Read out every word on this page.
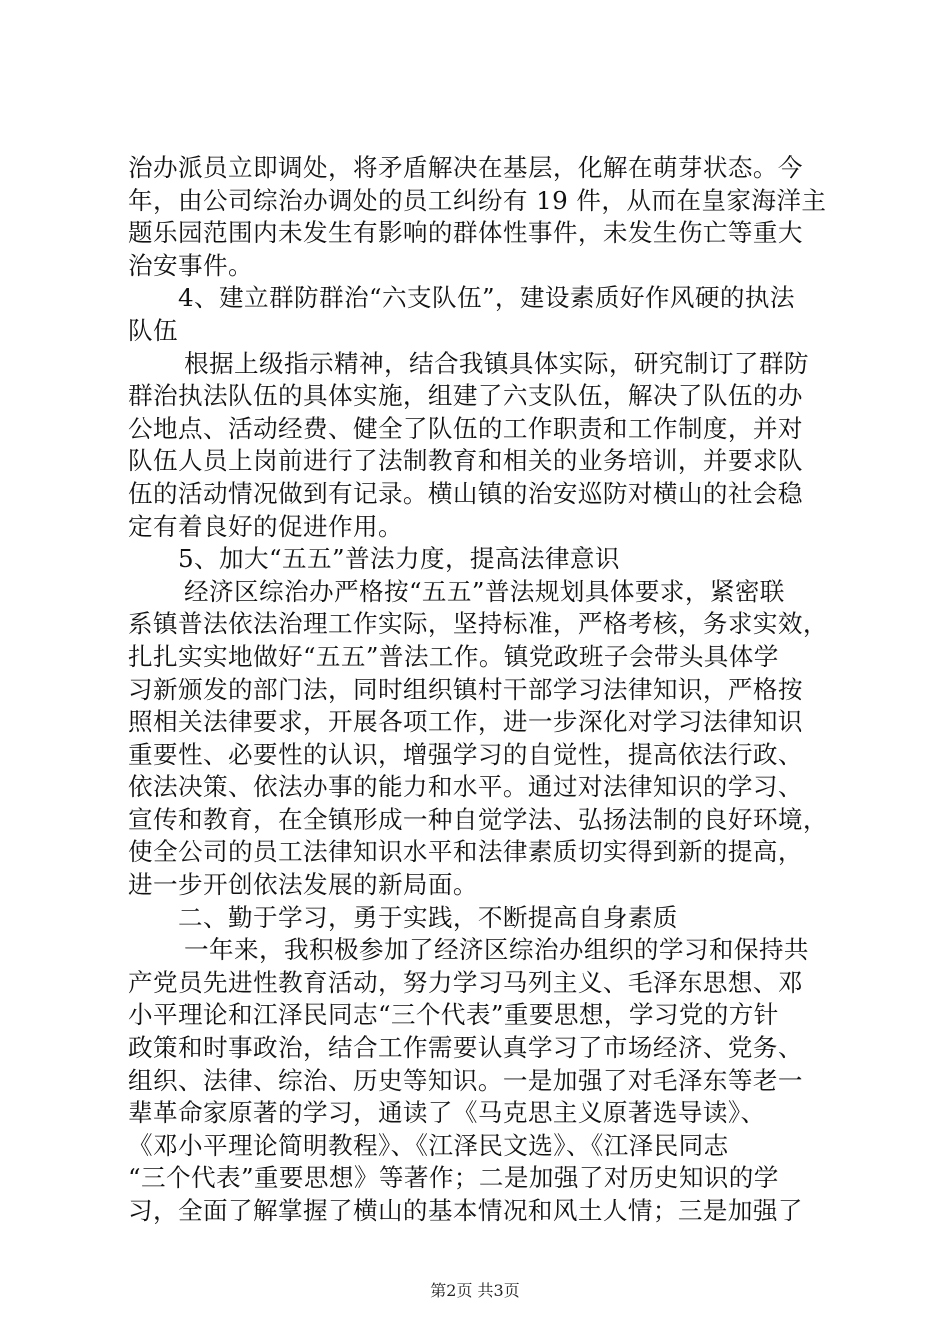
治办派员立即调处，将矛盾解决在基层，化解在萌芽状态。今
年，由公司综治办调处的员工纠纷有 19 件，从而在皇家海洋主
题乐园范围内未发生有影响的群体性事件，未发生伤亡等重大
治安事件。
4、建立群防群治“六支队伍”，建设素质好作风硬的执法
队伍
根据上级指示精神，结合我镇具体实际，研究制订了群防
群治执法队伍的具体实施，组建了六支队伍，解决了队伍的办
公地点、活动经费、健全了队伍的工作职责和工作制度，并对
队伍人员上岗前进行了法制教育和相关的业务培训，并要求队
伍的活动情况做到有记录。横山镇的治安巡防对横山的社会稳
定有着良好的促进作用。
5、加大“五五”普法力度，提高法律意识
经济区综治办严格按“五五”普法规划具体要求，紧密联
系镇普法依法治理工作实际，坚持标准，严格考核，务求实效，
扎扎实实地做好“五五”普法工作。镇党政班子会带头具体学
习新颁发的部门法，同时组织镇村干部学习法律知识，严格按
照相关法律要求，开展各项工作，进一步深化对学习法律知识
重要性、必要性的认识，增强学习的自觉性，提高依法行政、
依法决策、依法办事的能力和水平。通过对法律知识的学习、
宣传和教育，在全镇形成一种自觉学法、弘扬法制的良好环境，
使全公司的员工法律知识水平和法律素质切实得到新的提高，
进一步开创依法发展的新局面。
二、勤于学习，勇于实践，不断提高自身素质
一年来，我积极参加了经济区综治办组织的学习和保持共
产党员先进性教育活动，努力学习马列主义、毛泽东思想、邓
小平理论和江泽民同志“三个代表”重要思想，学习党的方针
政策和时事政治，结合工作需要认真学习了市场经济、党务、
组织、法律、综治、历史等知识。一是加强了对毛泽东等老一
辈革命家原著的学习，通读了《马克思主义原著选导读》、
《邓小平理论简明教程》、《江泽民文选》、《江泽民同志
“三个代表”重要思想》等著作；二是加强了对历史知识的学
习，全面了解掌握了横山的基本情况和风土人情；三是加强了
第2页 共3页
